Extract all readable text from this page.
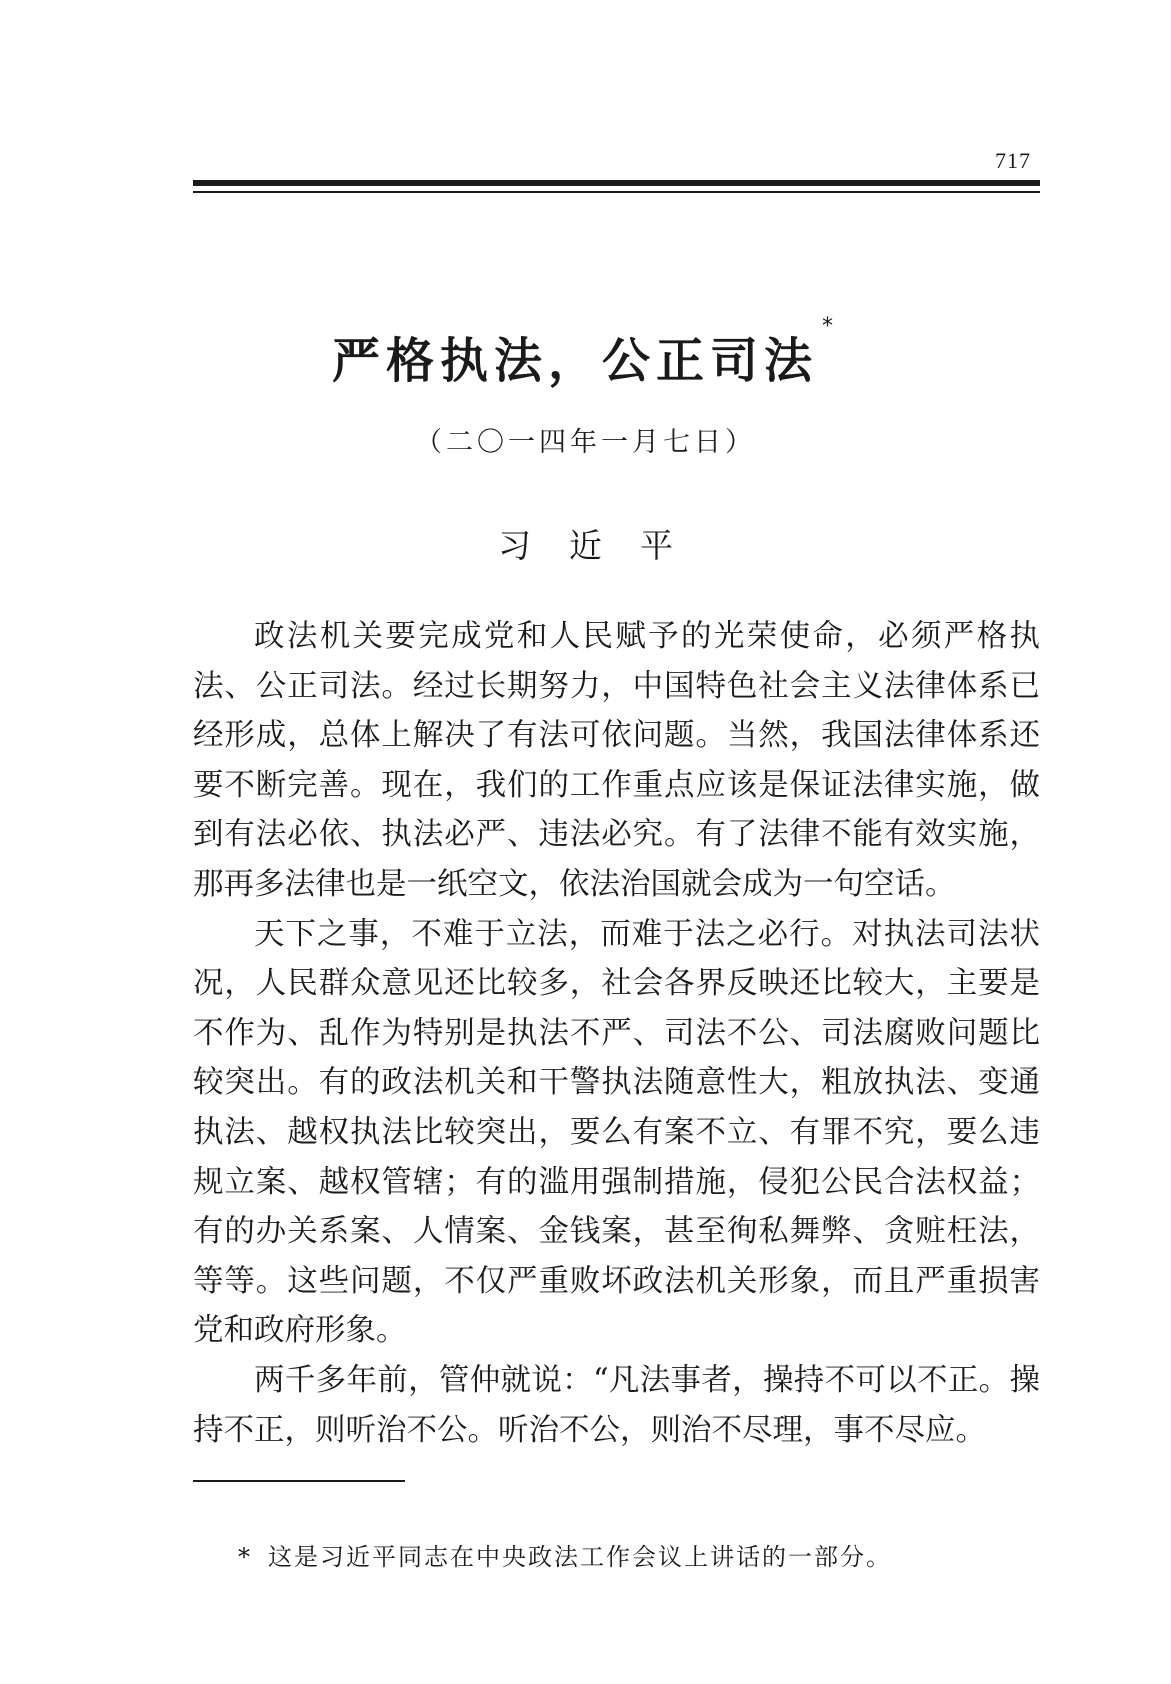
717
严格执法，公正司法*
（二〇一四年一月七日）
习近平

政法机关要完成党和人民赋予的光荣使命，必须严格执法、公正司法。经过长期努力，中国特色社会主义法律体系已经形成，总体上解决了有法可依问题。当然，我国法律体系还要不断完善。现在，我们的工作重点应该是保证法律实施，做到有法必依、执法必严、违法必究。有了法律不能有效实施，那再多法律也是一纸空文，依法治国就会成为一句空话。

天下之事，不难于立法，而难于法之必行。对执法司法状况，人民群众意见还比较多，社会各界反映还比较大，主要是不作为、乱作为特别是执法不严、司法不公、司法腐败问题比较突出。有的政法机关和干警执法随意性大，粗放执法、变通执法、越权执法比较突出，要么有案不立、有罪不究，要么违规立案、越权管辖；有的滥用强制措施，侵犯公民合法权益；有的办关系案、人情案、金钱案，甚至徇私舞弊、贪赃枉法，等等。这些问题，不仅严重败坏政法机关形象，而且严重损害党和政府形象。

两千多年前，管仲就说：“凡法事者，操持不可以不正。操持不正，则听治不公。听治不公，则治不尽理，事不尽应。

* 这是习近平同志在中央政法工作会议上讲话的一部分。
